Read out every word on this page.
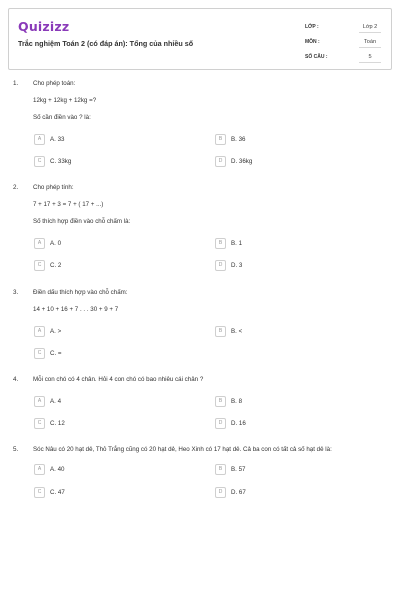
Quizizz
Trắc nghiệm Toán 2 (có đáp án): Tổng của nhiều số
LỚP :	Lớp 2
MÔN :	Toán
SỐ CÂU :	5
1. Cho phép toán:
12kg + 12kg + 12kg =?
Số cần điền vào ? là:
A	A. 33	B	B. 36
C	C. 33kg	D	D. 36kg
2. Cho phép tính:
7 + 17 + 3 = 7 + ( 17 + ...)
Số thích hợp điền vào chỗ chấm là:
A	A. 0	B	B. 1
C	C. 2	D	D. 3
3. Điền dấu thích hợp vào chỗ chấm:
14 + 10 + 16 + 7 . . . 30 + 9 + 7
A	A. >	B	B. <
C	C. =
4. Mỗi con chó có 4 chân. Hỏi 4 con chó có bao nhiêu cái chân ?
A	A. 4	B	B. 8
C	C. 12	D	D. 16
5. Sóc Nâu có 20 hạt dẻ, Thỏ Trắng cũng có 20 hạt dẻ, Heo Xinh có 17 hạt dẻ. Cả ba con có tất cả số hạt dẻ là:
A	A. 40	B	B. 57
C	C. 47	D	D. 67
